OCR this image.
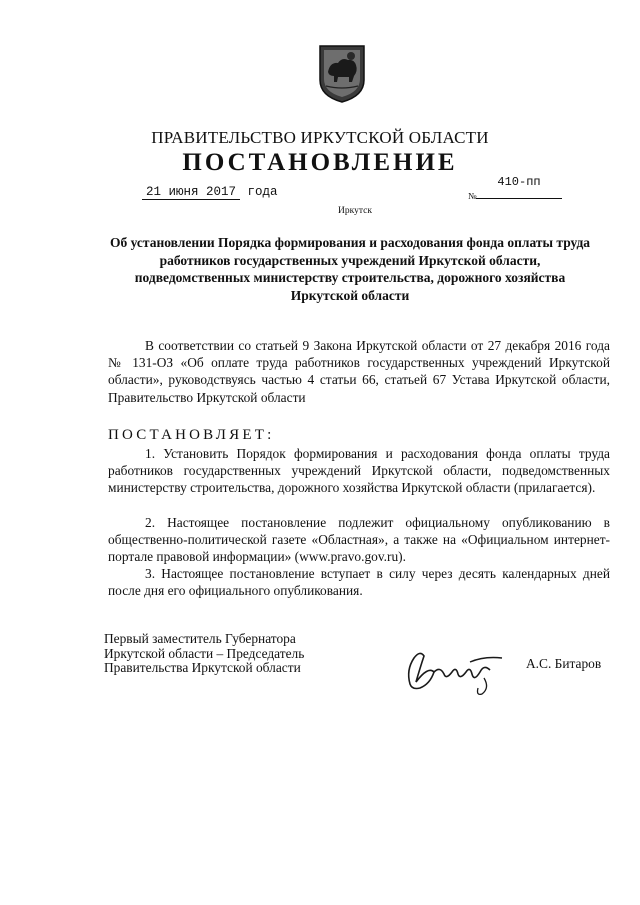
ПРАВИТЕЛЬСТВО ИРКУТСКОЙ ОБЛАСТИ
ПОСТАНОВЛЕНИЕ
21 июня 2017 года	№
410-пп
Иркутск
Об установлении Порядка формирования и расходования фонда оплаты труда работников государственных учреждений Иркутской области, подведомственных министерству строительства, дорожного хозяйства Иркутской области
В соответствии со статьей 9 Закона Иркутской области от 27 декабря 2016 года № 131-ОЗ «Об оплате труда работников государственных учреждений Иркутской области», руководствуясь частью 4 статьи 66, статьей 67 Устава Иркутской области, Правительство Иркутской области
ПОСТАНОВЛЯЕТ:
1. Установить Порядок формирования и расходования фонда оплаты труда работников государственных учреждений Иркутской области, подведомственных министерству строительства, дорожного хозяйства Иркутской области (прилагается).
2. Настоящее постановление подлежит официальному опубликованию в общественно-политической газете «Областная», а также на «Официальном интернет-портале правовой информации» (www.pravo.gov.ru).
3. Настоящее постановление вступает в силу через десять календарных дней после дня его официального опубликования.
Первый заместитель Губернатора
Иркутской области – Председатель
Правительства Иркутской области	А.С. Битаров
